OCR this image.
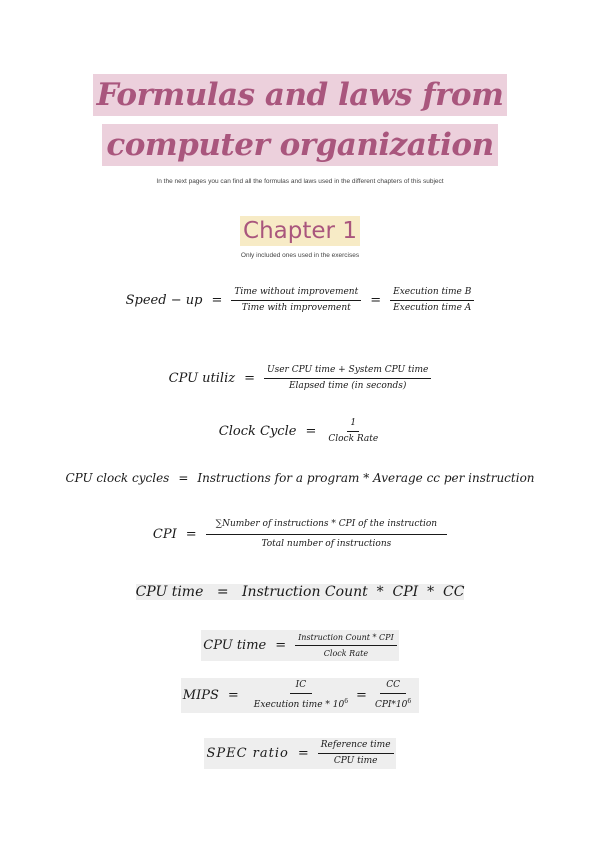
Formulas and laws from
computer organization
In the next pages you can find all the formulas and laws used in the different chapters of this subject
Chapter 1
Only included ones used in the exercises
Speed − up = $\frac{\text{Time without improvement}}{\text{Time with improvement}} = \frac{\text{Execution time B}}{\text{Execution time A}}$
CPU utiliz = $\frac{\text{User CPU time + System CPU time}}{\text{Elapsed time (in seconds)}}$
Clock Cycle = $\frac{1}{\text{Clock Rate}}$
CPU clock cycles = Instructions for a program * Average cc per instruction
CPI = $\frac{\text{∑Number of instructions * CPI of the instruction}}{\text{Total number of instructions}}$
CPU time = Instruction Count  *  CPI  *  CC
CPU time = $\frac{\text{Instruction Count * CPI}}{\text{Clock Rate}}$
MIPS = $\frac{IC}{Execution time * 10^6} = \frac{CC}{CPI*10^6}$
SPEC ratio = $\frac{\text{Reference time}}{\text{CPU time}}$
